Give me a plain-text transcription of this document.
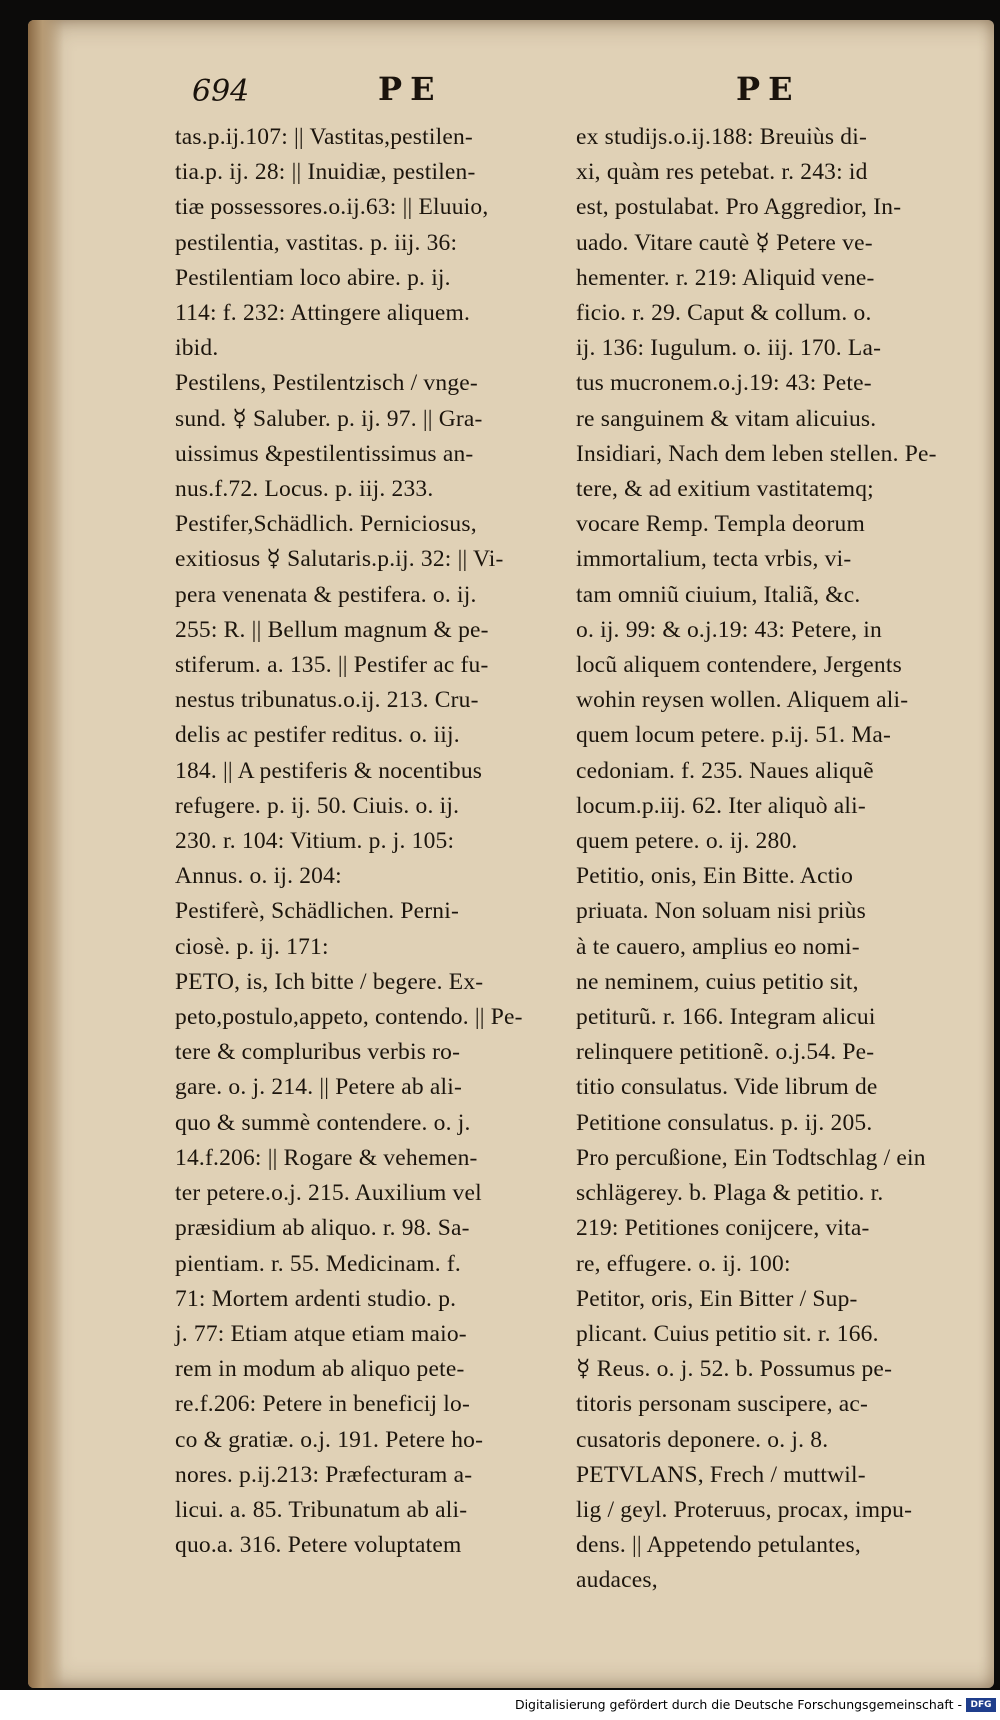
694	PE	PE

tas.p.ij.107: || Vastitas,pestilen-

tia.p. ij. 28: || Inuidiæ, pestilen-

tiæ possessores.o.ij.63: || Eluuio,

pestilentia, vastitas. p. iij. 36:

Pestilentiam loco abire. p. ij.

114: f. 232: Attingere aliquem.

ibid.

Pestilens, Pestilentzisch / vnge-

sund. ☿ Saluber. p. ij. 97. || Gra-

uissimus &pestilentissimus an-

nus.f.72. Locus. p. iij. 233.

Pestifer,Schädlich. Perniciosus,

exitiosus ☿ Salutaris.p.ij. 32: || Vi-

pera venenata & pestifera. o. ij.

255: R. || Bellum magnum & pe-

stiferum. a. 135. || Pestifer ac fu-

nestus tribunatus.o.ij. 213. Cru-

delis ac pestifer reditus. o. iij.

184. || A pestiferis & nocentibus

refugere. p. ij. 50. Ciuis. o. ij.

230. r. 104: Vitium. p. j. 105:

Annus. o. ij. 204:

Pestiferè, Schädlichen. Perni-

ciosè. p. ij. 171:

PETO, is, Ich bitte / begere. Ex-

peto,postulo,appeto, contendo. || Pe-

tere & compluribus verbis ro-

gare. o. j. 214. || Petere ab ali-

quo & summè contendere. o. j.

14.f.206: || Rogare & vehemen-

ter petere.o.j. 215. Auxilium vel

præsidium ab aliquo. r. 98. Sa-

pientiam. r. 55. Medicinam. f.

71: Mortem ardenti studio. p.

j. 77: Etiam atque etiam maio-

rem in modum ab aliquo pete-

re.f.206: Petere in beneficij lo-

co & gratiæ. o.j. 191. Petere ho-

nores. p.ij.213: Præfecturam a-

licui. a. 85. Tribunatum ab ali-

quo.a. 316. Petere voluptatem

ex studijs.o.ij.188: Breuiùs di-

xi, quàm res petebat. r. 243: id

est, postulabat. Pro Aggredior, In-

uado. Vitare cautè ☿ Petere ve-

hementer. r. 219: Aliquid vene-

ficio. r. 29. Caput & collum. o.

ij. 136: Iugulum. o. iij. 170. La-

tus mucronem.o.j.19: 43: Pete-

re sanguinem & vitam alicuius.

Insidiari, Nach dem leben stellen. Pe-

tere, & ad exitium vastitatemq;

vocare Remp. Templa deorum

immortalium, tecta vrbis, vi-

tam omniũ ciuium, Italiã, &c.

o. ij. 99: & o.j.19: 43: Petere, in

locũ aliquem contendere, Jergents

wohin reysen wollen. Aliquem ali-

quem locum petere. p.ij. 51. Ma-

cedoniam. f. 235. Naues aliquẽ

locum.p.iij. 62. Iter aliquò ali-

quem petere. o. ij. 280.

Petitio, onis, Ein Bitte. Actio

priuata. Non soluam nisi priùs

à te cauero, amplius eo nomi-

ne neminem, cuius petitio sit,

petiturũ. r. 166. Integram alicui

relinquere petitionẽ. o.j.54. Pe-

titio consulatus. Vide librum de

Petitione consulatus. p. ij. 205.

Pro percußione, Ein Todtschlag / ein

schlägerey. b. Plaga & petitio. r.

219: Petitiones conijcere, vita-

re, effugere. o. ij. 100:

Petitor, oris, Ein Bitter / Sup-

plicant. Cuius petitio sit. r. 166.

☿ Reus. o. j. 52. b. Possumus pe-

titoris personam suscipere, ac-

cusatoris deponere. o. j. 8.

PETVLANS, Frech / muttwil-

lig / geyl. Proteruus, procax, impu-

dens. || Appetendo petulantes,

audaces,

Digitalisierung gefördert durch die Deutsche Forschungsgemeinschaft - DFG
